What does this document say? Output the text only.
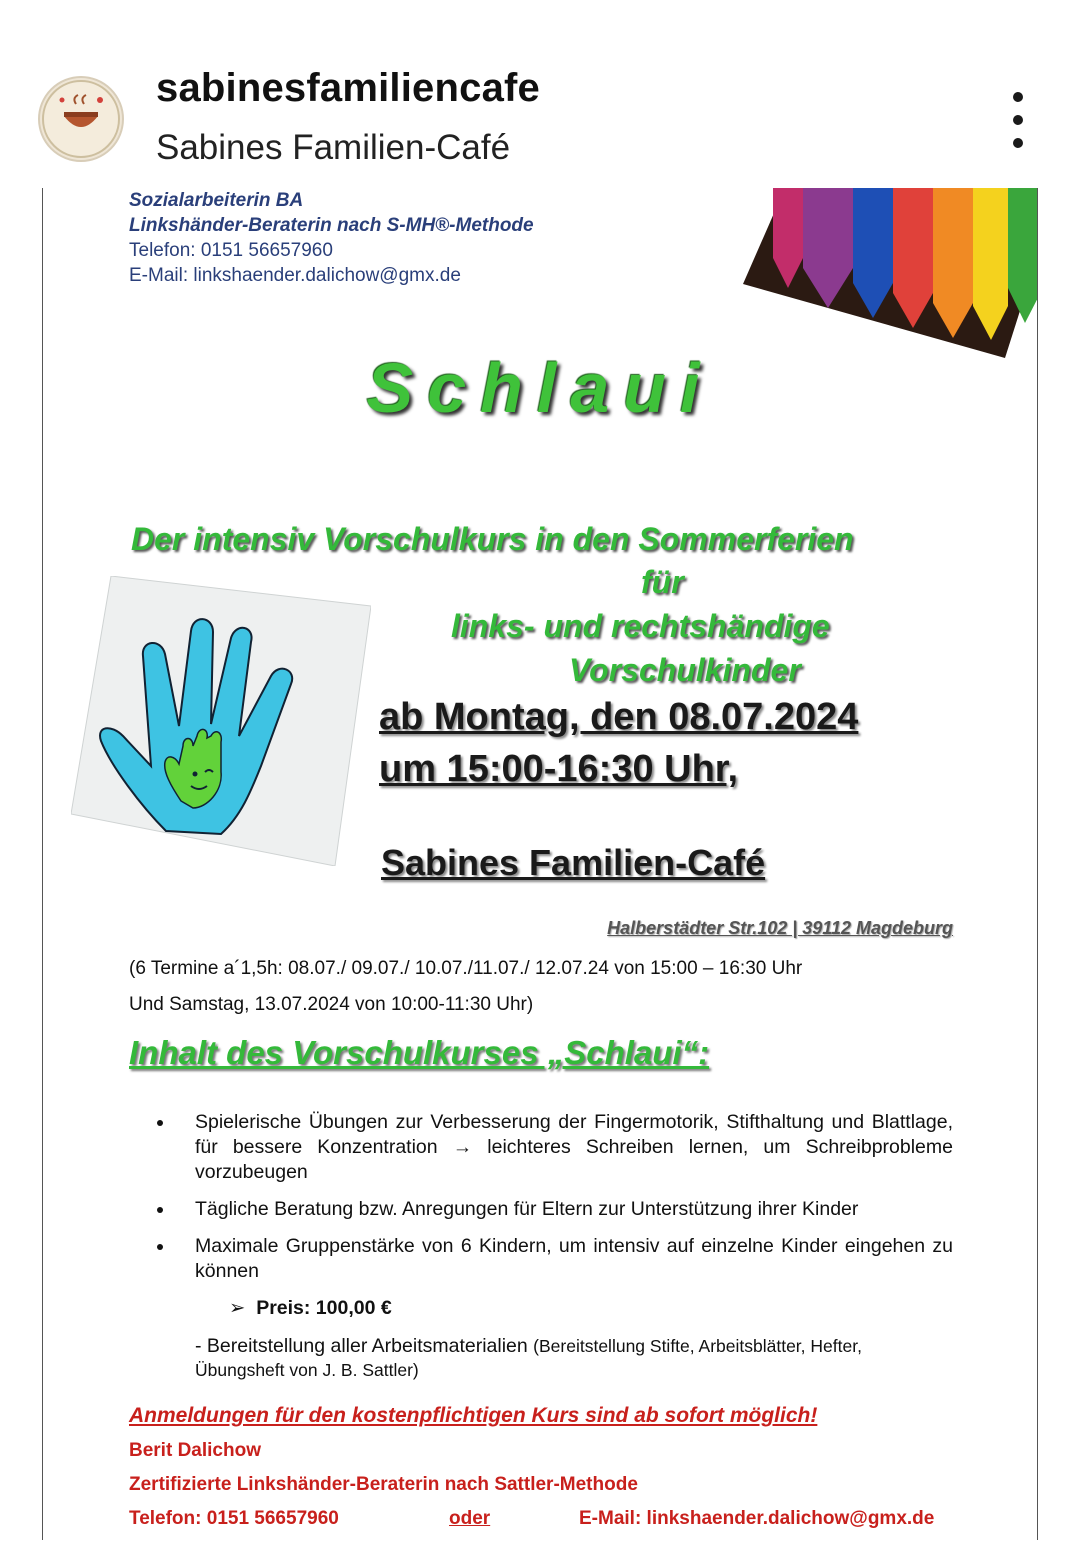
sabinesfamiliencafe
Sabines Familien-Café
Sozialarbeiterin BA
Linkshänder-Beraterin nach S-MH®-Methode
Telefon: 0151 56657960
E-Mail: linkshaender.dalichow@gmx.de
Schlaui
Der intensiv Vorschulkurs in den Sommerferien
für
links- und rechtshändige
Vorschulkinder
ab Montag, den 08.07.2024
um 15:00-16:30 Uhr,
Sabines Familien-Café
Halberstädter Str.102 | 39112 Magdeburg
(6 Termine a´1,5h: 08.07./ 09.07./ 10.07./11.07./ 12.07.24 von 15:00 – 16:30 Uhr
Und Samstag, 13.07.2024 von 10:00-11:30 Uhr)
Inhalt des Vorschulkurses „Schlaui“:
Spielerische Übungen zur Verbesserung der Fingermotorik, Stifthaltung und Blattlage, für bessere Konzentration → leichteres Schreiben lernen, um Schreibprobleme vorzubeugen
Tägliche Beratung bzw. Anregungen für Eltern zur Unterstützung ihrer Kinder
Maximale Gruppenstärke von 6 Kindern, um intensiv auf einzelne Kinder eingehen zu können
➢  Preis: 100,00 €
- Bereitstellung aller Arbeitsmaterialien (Bereitstellung Stifte, Arbeitsblätter, Hefter, Übungsheft von J. B. Sattler)
Anmeldungen für den kostenpflichtigen Kurs sind ab sofort möglich!
Berit Dalichow
Zertifizierte Linkshänder-Beraterin nach Sattler-Methode
Telefon: 0151 56657960	oder	E-Mail: linkshaender.dalichow@gmx.de
